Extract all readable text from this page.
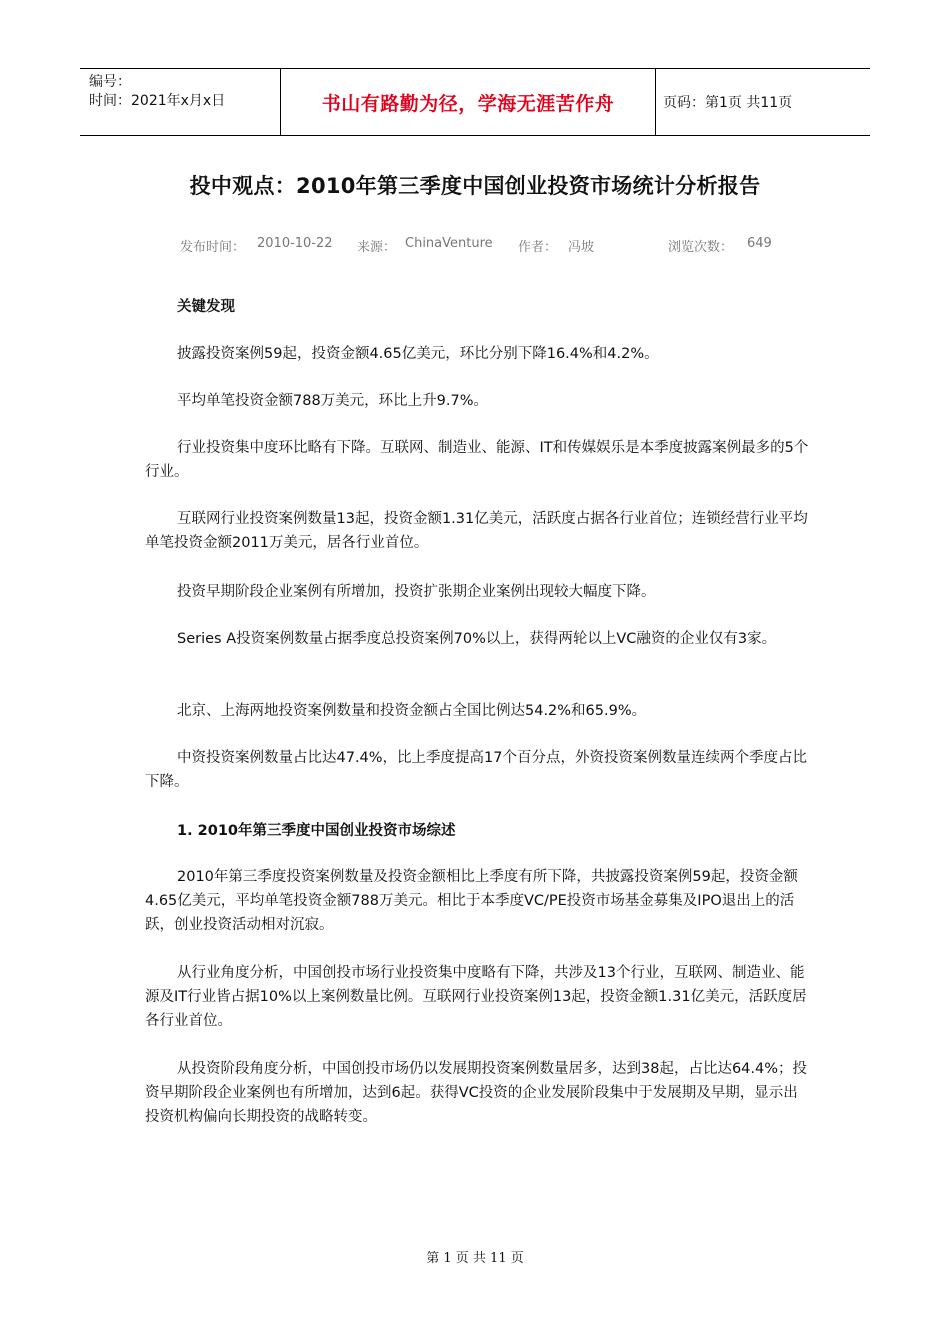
编号：
时间：2021年x月x日	书山有路勤为径，学海无涯苦作舟	页码：第1页 共11页
投中观点：2010年第三季度中国创业投资市场统计分析报告
发布时间： 2010-10-22 来源： ChinaVenture 作者： 冯坡	浏览次数： 649
关键发现

披露投资案例59起，投资金额4.65亿美元，环比分别下降16.4%和4.2%。

平均单笔投资金额788万美元，环比上升9.7%。

行业投资集中度环比略有下降。互联网、制造业、能源、IT和传媒娱乐是本季度披露案例最多的5个行业。

互联网行业投资案例数量13起，投资金额1.31亿美元，活跃度占据各行业首位；连锁经营行业平均单笔投资金额2011万美元，居各行业首位。

投资早期阶段企业案例有所增加，投资扩张期企业案例出现较大幅度下降。

Series A投资案例数量占据季度总投资案例70%以上，获得两轮以上VC融资的企业仅有3家。

北京、上海两地投资案例数量和投资金额占全国比例达54.2%和65.9%。

中资投资案例数量占比达47.4%，比上季度提高17个百分点，外资投资案例数量连续两个季度占比下降。

1. 2010年第三季度中国创业投资市场综述

2010年第三季度投资案例数量及投资金额相比上季度有所下降，共披露投资案例59起，投资金额4.65亿美元，平均单笔投资金额788万美元。相比于本季度VC/PE投资市场基金募集及IPO退出上的活跃，创业投资活动相对沉寂。

从行业角度分析，中国创投市场行业投资集中度略有下降，共涉及13个行业，互联网、制造业、能源及IT行业皆占据10%以上案例数量比例。互联网行业投资案例13起，投资金额1.31亿美元，活跃度居各行业首位。

从投资阶段角度分析，中国创投市场仍以发展期投资案例数量居多，达到38起，占比达64.4%；投资早期阶段企业案例也有所增加，达到6起。获得VC投资的企业发展阶段集中于发展期及早期，显示出投资机构偏向长期投资的战略转变。

第 1 页 共 11 页
